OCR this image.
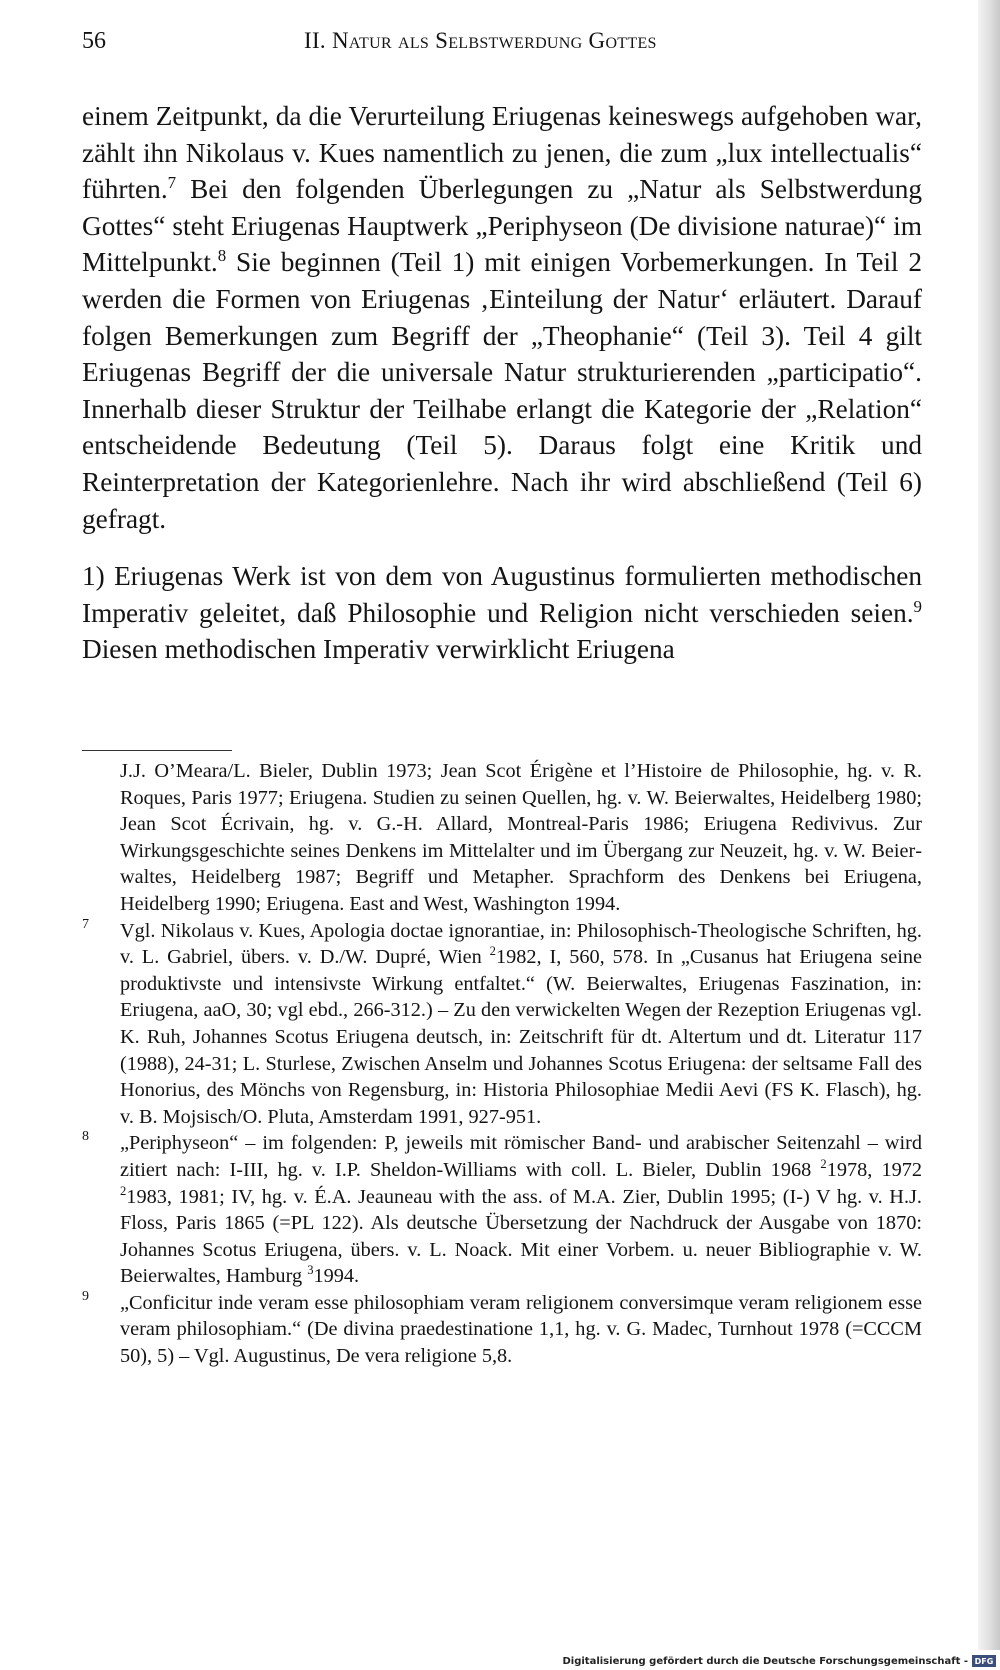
56	II. Natur als Selbstwerdung Gottes

einem Zeitpunkt, da die Verurteilung Eriugenas keineswegs aufgehoben war, zählt ihn Nikolaus v. Kues namentlich zu jenen, die zum „lux intellectualis“ führten.$^7$ Bei den folgenden Überlegungen zu „Natur als Selbstwerdung Gottes“ steht Eriugenas Hauptwerk „Periphyseon (De divisione naturae)“ im Mittelpunkt.$^8$ Sie beginnen (Teil 1) mit einigen Vorbemerkungen. In Teil 2 werden die Formen von Eriugenas ‚Einteilung der Natur‘ erläutert. Darauf folgen Bemerkungen zum Begriff der „Theophanie“ (Teil 3). Teil 4 gilt Eriugenas Begriff der die universale Natur strukturierenden „participatio“. Innerhalb dieser Struktur der Teilhabe erlangt die Kategorie der „Relation“ entscheidende Bedeutung (Teil 5). Daraus folgt eine Kritik und Reinterpretation der Kategorienlehre. Nach ihr wird abschließend (Teil 6) gefragt.

1) Eriugenas Werk ist von dem von Augustinus formulierten methodischen Imperativ geleitet, daß Philosophie und Religion nicht verschieden seien.$^9$ Diesen methodischen Imperativ verwirklicht Eriugena

J.J. O’Meara/L. Bieler, Dublin 1973; Jean Scot Érigène et l’Histoire de Philosophie, hg. v. R. Roques, Paris 1977; Eriugena. Studien zu seinen Quellen, hg. v. W. Beierwaltes, Heidelberg 1980; Jean Scot Écrivain, hg. v. G.-H. Allard, Montreal-Paris 1986; Eriugena Redivivus. Zur Wirkungsgeschichte seines Denkens im Mittelalter und im Übergang zur Neuzeit, hg. v. W. Beierwaltes, Heidelberg 1987; Begriff und Metapher. Sprachform des Denkens bei Eriugena, Heidelberg 1990; Eriugena. East and West, Washington 1994.

7 Vgl. Nikolaus v. Kues, Apologia doctae ignorantiae, in: Philosophisch-Theologische Schriften, hg. v. L. Gabriel, übers. v. D./W. Dupré, Wien $^2$1982, I, 560, 578. In „Cusanus hat Eriugena seine produktivste und intensivste Wirkung entfaltet.“ (W. Beierwaltes, Eriugenas Faszination, in: Eriugena, aaO, 30; vgl ebd., 266-312.) – Zu den verwickelten Wegen der Rezeption Eriugenas vgl. K. Ruh, Johannes Scotus Eriugena deutsch, in: Zeitschrift für dt. Altertum und dt. Literatur 117 (1988), 24-31; L. Sturlese, Zwischen Anselm und Johannes Scotus Eriugena: der seltsame Fall des Honorius, des Mönchs von Regensburg, in: Historia Philosophiae Medii Aevi (FS K. Flasch), hg. v. B. Mojsisch/O. Pluta, Amsterdam 1991, 927-951.

8 „Periphyseon“ – im folgenden: P, jeweils mit römischer Band- und arabischer Seitenzahl – wird zitiert nach: I-III, hg. v. I.P. Sheldon-Williams with coll. L. Bieler, Dublin 1968 $^2$1978, 1972 $^2$1983, 1981; IV, hg. v. É.A. Jeauneau with the ass. of M.A. Zier, Dublin 1995; (I-) V hg. v. H.J. Floss, Paris 1865 (=PL 122). Als deutsche Übersetzung der Nachdruck der Ausgabe von 1870: Johannes Scotus Eriugena, übers. v. L. Noack. Mit einer Vorbem. u. neuer Bibliographie v. W. Beierwaltes, Hamburg $^3$1994.

9 „Conficitur inde veram esse philosophiam veram religionem conversimque veram religionem esse veram philosophiam.“ (De divina praedestinatione 1,1, hg. v. G. Madec, Turnhout 1978 (=CCCM 50), 5) – Vgl. Augustinus, De vera religione 5,8.

Digitalisierung gefördert durch die Deutsche Forschungsgemeinschaft - DFG
